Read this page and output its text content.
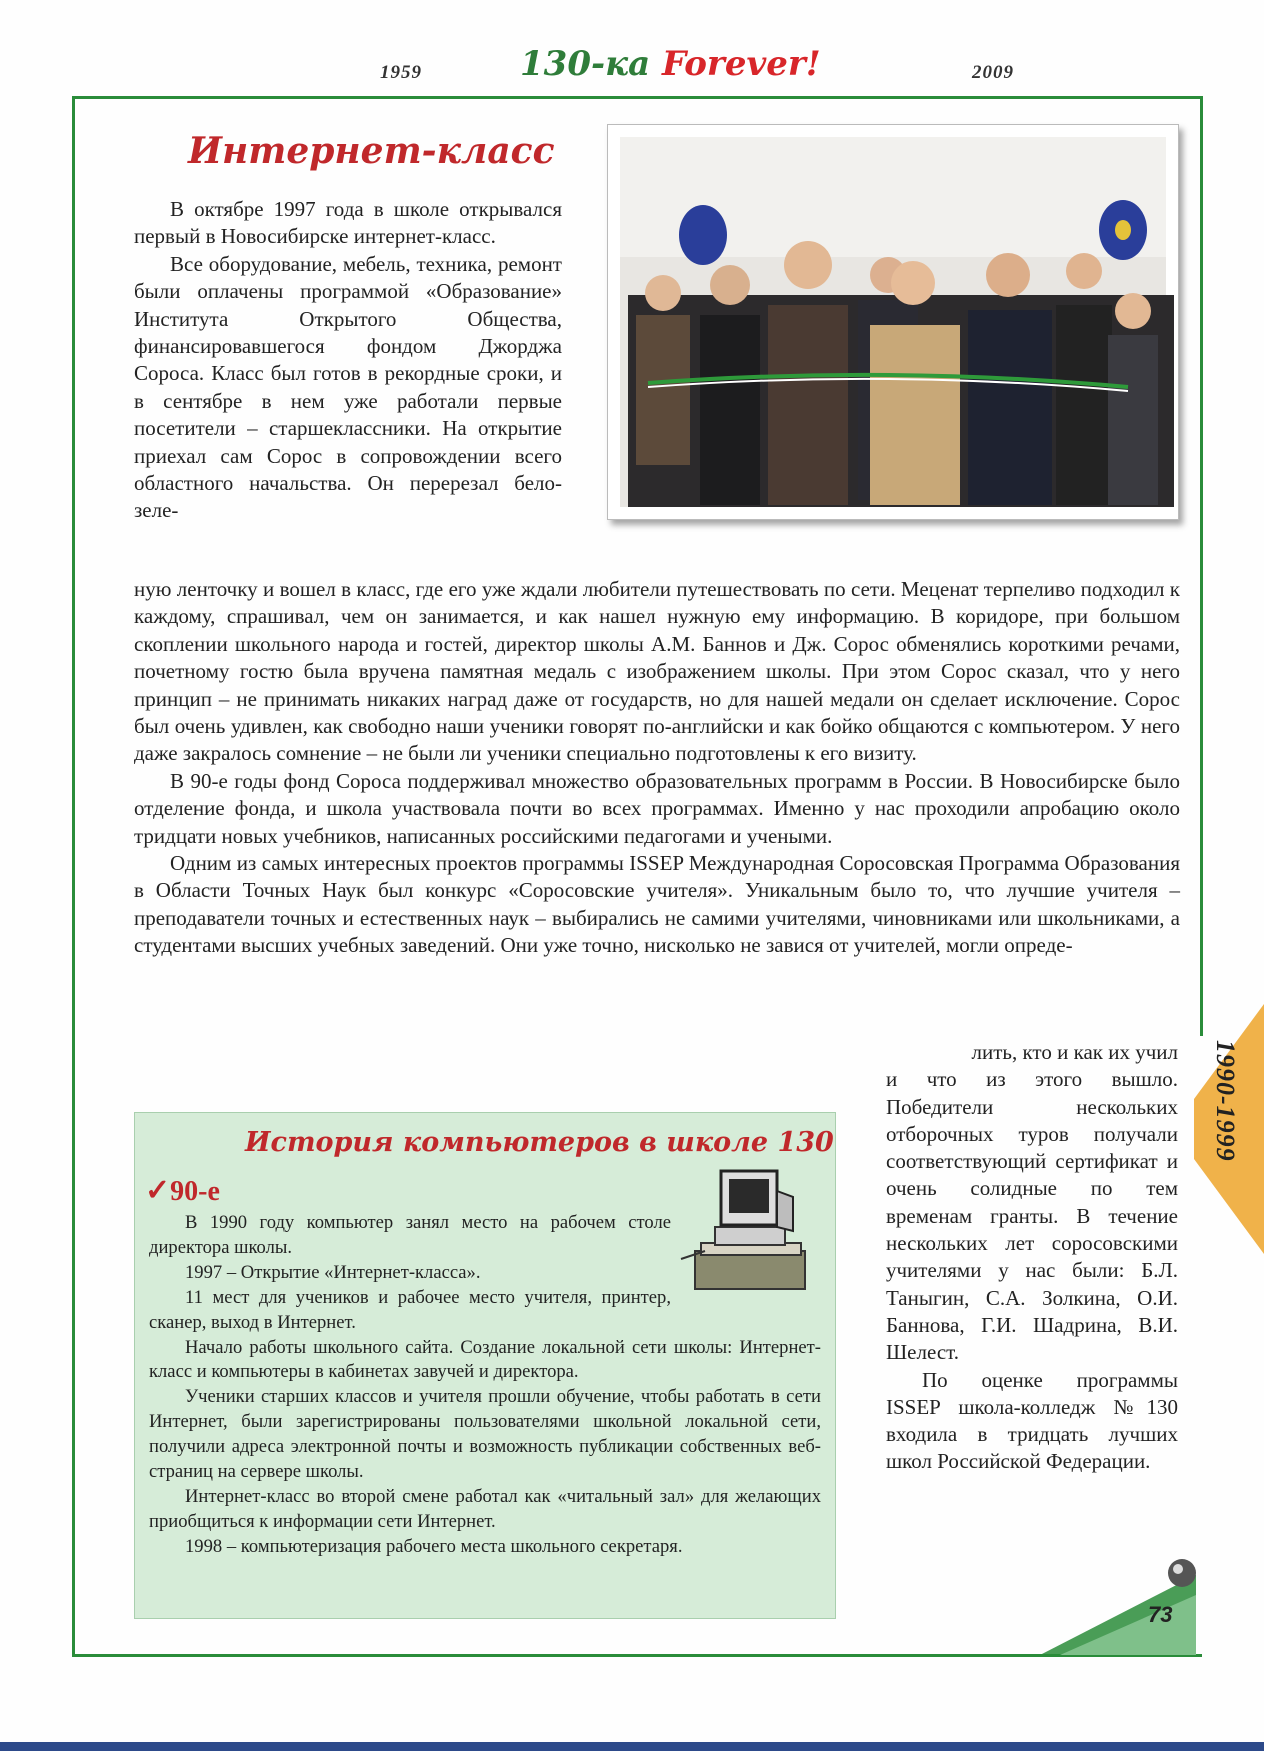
1959	130-ка Forever!	2009
Интернет-класс

В октябре 1997 года в школе открывался первый в Новосибирске интернет-класс.

Все оборудование, мебель, техника, ремонт были оплачены программой «Образование» Института Открытого Общества, финансировавшегося фондом Джорджа Сороса. Класс был готов в рекордные сроки, и в сентябре в нем уже работали первые посетители – старшеклассники. На открытие приехал сам Сорос в сопровождении всего областного начальства. Он перерезал бело-зеле-

ную ленточку и вошел в класс, где его уже ждали любители путешествовать по сети. Меценат терпеливо подходил к каждому, спрашивал, чем он занимается, и как нашел нужную ему информацию. В коридоре, при большом скоплении школьного народа и гостей, директор школы А.М. Баннов и Дж. Сорос обменялись короткими речами, почетному гостю была вручена памятная медаль с изображением школы. При этом Сорос сказал, что у него принцип – не принимать никаких наград даже от государств, но для нашей медали он сделает исключение. Сорос был очень удивлен, как свободно наши ученики говорят по-английски и как бойко общаются с компьютером. У него даже закралось сомнение – не были ли ученики специально подготовлены к его визиту.

В 90-е годы фонд Сороса поддерживал множество образовательных программ в России. В Новосибирске было отделение фонда, и школа участвовала почти во всех программах. Именно у нас проходили апробацию около тридцати новых учебников, написанных российскими педагогами и учеными.

Одним из самых интересных проектов программы ISSEP Международная Соросовская Программа Образования в Области Точных Наук был конкурс «Соросовские учителя». Уникальным было то, что лучшие учителя – преподаватели точных и естественных наук – выбирались не самими учителями, чиновниками или школьниками, а студентами высших учебных заведений. Они уже точно, нисколько не завися от учителей, могли опреде-

лить, кто и как их учил

и что из этого вышло. Победители нескольких отборочных туров получали соответствующий сертификат и очень солидные по тем временам гранты. В течение нескольких лет соросовскими учителями у нас были: Б.Л. Таныгин, С.А. Золкина, О.И. Баннова, Г.И. Шадрина, В.И. Шелест.

По оценке программы ISSEP школа-колледж №130 входила в тридцать лучших школ Российской Федерации.

История компьютеров в школе 130
✓90-е

В 1990 году компьютер занял место на рабочем столе директора школы.

1997 – Открытие «Интернет-класса».

11 мест для учеников и рабочее место учителя, принтер, сканер, выход в Интернет.

Начало работы школьного сайта. Создание локальной сети школы: Интернет-класс и компьютеры в кабинетах завучей и директора.

Ученики старших классов и учителя прошли обучение, чтобы работать в сети Интернет, были зарегистрированы пользователями школьной локальной сети, получили адреса электронной почты и возможность публикации собственных веб-страниц на сервере школы.

Интернет-класс во второй смене работал как «читальный зал» для желающих приобщиться к информации сети Интернет.

1998 – компьютеризация рабочего места школьного секретаря.

1990-1999
73
